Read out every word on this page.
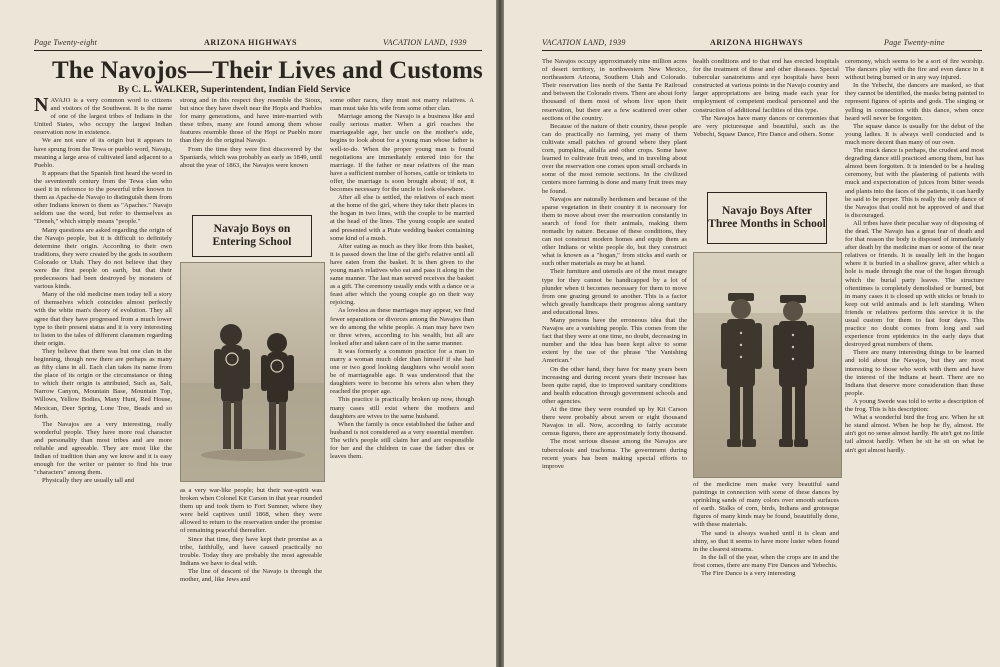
Page Twenty-eight	ARIZONA HIGHWAYS	VACATION LAND, 1939
The Navojos—Their Lives and Customs
By C. L. WALKER, Superintendent, Indian Field Service

NAVAJO is a very common word to citizens and visitors of the Southwest. It is the name of one of the largest tribes of Indians in the United States, who occupy the largest Indian reservation now in existence.

We are not sure of its origin but it appears to have sprung from the Tewa or pueblo word, Navaju, meaning a large area of cultivated land adjacent to a Pueblo.

It appears that the Spanish first heard the word in the seventeenth century from the Tewa clan who used it in reference to the powerful tribe known to them as Apache-de Navajo to distinguish them from other Indians known to them as "Apaches." Navajo seldom use the word, but refer to themselves as "Deneh," which simply means "people."

Many questions are asked regarding the origin of the Navajo people, but it is difficult to definitely determine their origin. According to their own traditions, they were created by the gods in southern Colorado or Utah. They do not believe that they were the first people on earth, but that their predecessors had been destroyed by monsters of various kinds.

Many of the old medicine men today tell a story of themselves which coincides almost perfectly with the white man's theory of evolution. They all agree that they have progressed from a much lower type to their present status and it is very interesting to listen to the tales of different clansmen regarding their origin.

They believe that there was but one clan in the beginning, though now there are perhaps as many as fifty clans in all. Each clan takes its name from the place of its origin or the circumstance or thing to which their origin is attributed, Such as, Salt, Narrow Canyon, Mountain Base, Mountain Top, Willows, Yellow Bodies, Many Hunt, Red House, Mexican, Deer Spring, Lone Tree, Beads and so forth.

The Navajos are a very interesting, really wonderful people. They have more real character and personality than most tribes and are more reliable and agreeable. They are most like the Indian of tradition than any we know and it is easy enough for the writer or painter to find his true "characters" among them.

Physically they are usually tall and

strong and in this respect they resemble the Sioux, but since they have dwelt near the Hopis and Pueblos for many generations, and have inter-married with these tribes, many are found among them whose features resemble those of the Hopi or Pueblo more than they do the original Navajo.

From the time they were first discovered by the Spaniards, which was probably as early as 1849, until about the year of 1863, the Navajos were known

Navajo Boys on Entering School

as a very war-like people; but their war-spirit was broken when Colonel Kit Carson in that year rounded them up and took them to Fort Sumner, where they were held captives until 1868, when they were allowed to return to the reservation under the promise of remaining peaceful thereafter.

Since that time, they have kept their promise as a tribe, faithfully, and have caused practically no trouble. Today they are probably the most agreeable Indians we have to deal with.

The line of descent of the Navajo is through the mother, and, like Jews and

some other races, they must not marry relatives. A man must take his wife from some other clan.

Marriage among the Navajo is a business like and really serious matter. When a girl reaches the marriageable age, her uncle on the mother's side, begins to look about for a young man whose father is well-to-do. When the proper young man is found negotiations are immediately entered into for the marriage. If the father or near relatives of the man have a sufficient number of horses, cattle or trinkets to offer, the marriage is soon brought about; if not, it becomes necessary for the uncle to look elsewhere.

After all else is settled, the relatives of each meet at the home of the girl, where they take their places in the hogan in two lines, with the couple to be married at the head of the lines. The young couple are seated and presented with a Piute wedding basket containing some kind of a mush.

After eating as much as they like from this basket, it is passed down the line of the girl's relative until all have eaten from the basket. It is then given to the young man's relatives who eat and pass it along in the same manner. The last man served receives the basket as a gift. The ceremony usually ends with a dance or a feast after which the young couple go on their way rejoicing.

As loveless as these marriages may appear, we find fewer separations or divorces among the Navajos than we do among the white people. A man may have two or three wives, according to his wealth, but all are looked after and taken care of in the same manner.

It was formerly a common practice for a man to marry a woman much older than himself if she had one or two good looking daughters who would soon be of marriageable age. It was understood that the daughters were to become his wives also when they reached the proper age.

This practice is practically broken up now, though many cases still exist where the mothers and daughters are wives to the same husband.

When the family is once established the father and husband is not considered as a very essential member. The wife's people still claim her and are responsible for her and the children in case the father dies or leaves them.

VACATION LAND, 1939	ARIZONA HIGHWAYS	Page Twenty-nine

The Navajos occupy approximately nine million acres of desert territory, in northwestern New Mexico, northeastern Arizona, Southern Utah and Colorado. Their reservation lies north of the Santa Fe Railroad and between the Colorado rivers. There are about forty thousand of them most of whom live upon their reservation, but there are a few scattered over other sections of the country.

Because of the nature of their country, these people can do practically no farming, yet many of them cultivate small patches of ground where they plant corn, pumpkins, alfalfa and other crops. Some have learned to cultivate fruit trees, and in traveling about over the reservation one comes upon small orchards in some of the most remote sections. In the civilized centers more farming is done and many fruit trees may be found.

Navajos are naturally herdsmen and because of the sparse vegetation in their country it is necessary for them to move about over the reservation constantly in search of food for their animals, making them nomadic by nature. Because of these conditions, they can not construct modern homes and equip them as other Indians or white people do, but they construct what is known as a "hogan," from sticks and earth or such other materials as may be at hand.

Their furniture and utensils are of the most meagre type for they cannot be handicapped by a lot of plunder when it becomes necessary for them to move from one grazing ground to another. This is a factor which greatly handicaps their progress along sanitary and educational lines.

Many persons have the erroneous idea that the Navajos are a vanishing people. This comes from the fact that they were at one time, no doubt, decreasing in number and the idea has been kept alive to some extent by the use of the phrase "the Vanishing American."

On the other hand, they have for many years been increasing and during recent years their increase has been quite rapid, due to improved sanitary conditions and health education through government schools and other agencies.

At the time they were rounded up by Kit Carson there were probably about seven or eight thousand Navajos in all. Now, according to fairly accurate census figures, there are approximately forty thousand.

The most serious disease among the Navajos are tuberculosis and trachoma. The government during recent years has been making special efforts to improve

health conditions and to that end has erected hospitals for the treatment of these and other diseases. Special tubercular sanatoriums and eye hospitals have been constructed at various points in the Navajo country and larger appropriations are being made each year for employment of competent medical personnel and the construction of additional facilities of this type.

The Navajos have many dances or ceremonies that are very picturesque and beautiful, such as the Yebechi, Squaw Dance, Fire Dance and others. Some

Navajo Boys After Three Months in School

of the medicine men make very beautiful sand paintings in connection with some of these dances by sprinkling sands of many colors over smooth surfaces of earth. Stalks of corn, birds, Indians and grotesque figures of many kinds may be found, beautifully done, with these materials.

The sand is always washed until it is clean and shiny, so that it seems to have more luster when found in the clearest streams.

In the fall of the year, when the crops are in and the frost comes, there are many Fire Dances and Yebechis.

The Fire Dance is a very interesting

ceremony, which seems to be a sort of fire worship. The dancers play with the fire and even dance in it without being burned or in any way injured.

In the Yebechi, the dancers are masked, so that they cannot be identified, the masks being painted to represent figures of spirits and gods. The singing or yelling in connection with this dance, when once heard will never be forgotten.

The squaw dance is usually for the debut of the young ladies. It is always well conducted and is much more decent than many of our own.

The muck dance is perhaps, the crudest and most degrading dance still practiced among them, but has almost been forgotten. It is intended to be a healing ceremony, but with the plastering of patients with muck and expectoration of juices from bitter weeds and plants into the faces of the patients, it can hardly be said to be proper. This is really the only dance of the Navajos that could not be approved of and that is discouraged.

All tribes have their peculiar way of disposing of the dead. The Navajo has a great fear of death and for that reason the body is disposed of immediately after death by the medicine man or some of the near relatives or friends. It is usually left in the hogan where it is buried in a shallow grave, after which a hole is made through the rear of the hogan through which the burial party leaves. The structure oftentimes is completely demolished or burned, but in many cases it is closed up with sticks or brush to keep out wild animals and is left standing. When friends or relatives perform this service it is the usual custom for them to fast four days. This practice no doubt comes from long and sad experience from epidemics in the early days that destroyed great numbers of them.

There are many interesting things to be learned and told about the Navajos, but they are most interesting to those who work with them and have the interest of the Indians at heart. There are no Indians that deserve more consideration than these people.

A young Swede was told to write a description of the frog. This is his description:

What a wonderful bird the frog are. When he sit he stand almost. When he hop he fly, almost. He ain't got no sense almost hardly. He ain't got no little tail almost hardly. When he sit he sit on what he ain't got almost hardly.
